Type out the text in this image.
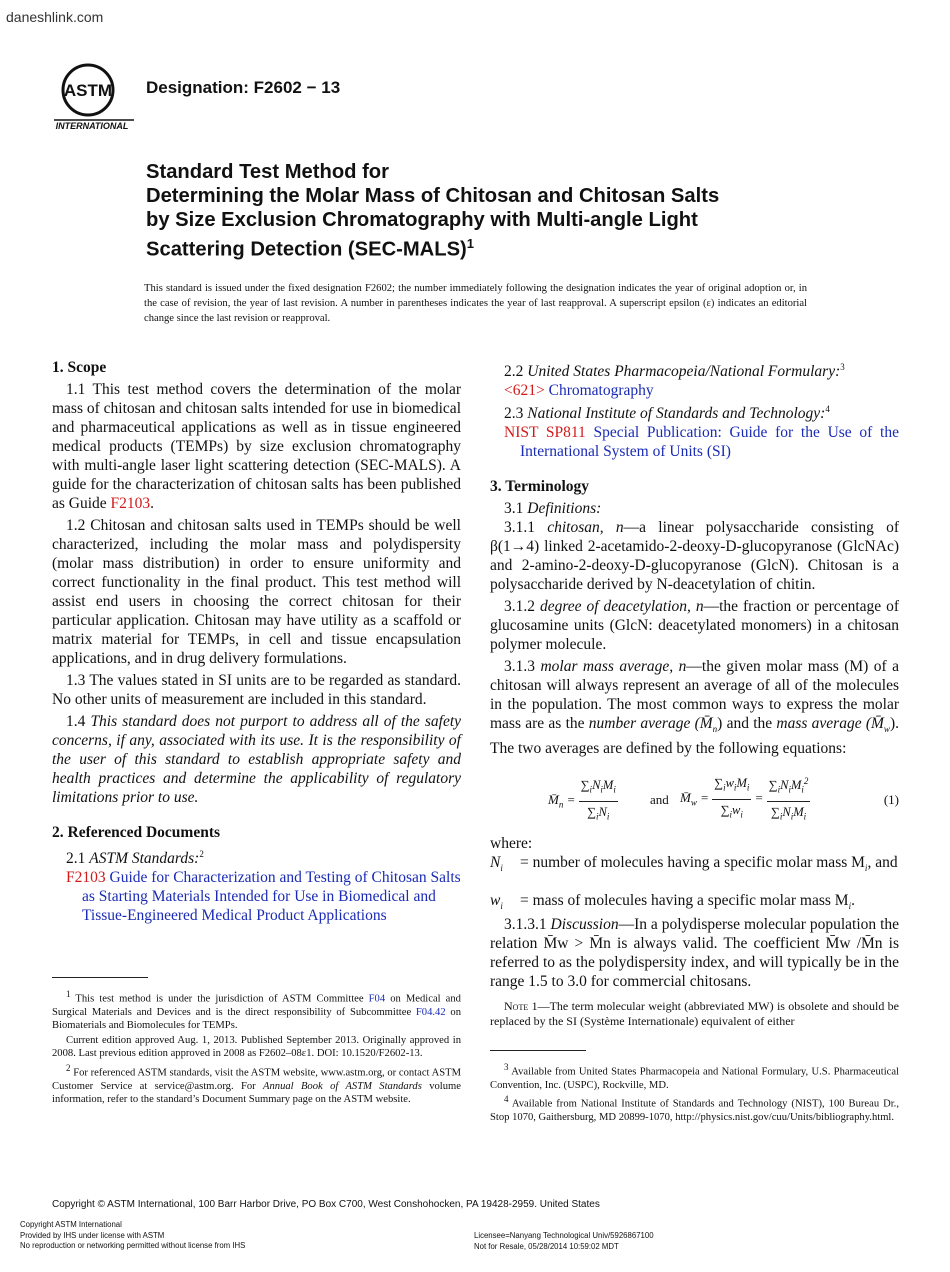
daneshlink.com
ASTM
INTERNATIONAL
Designation: F2602 − 13
Standard Test Method for
Determining the Molar Mass of Chitosan and Chitosan Salts
by Size Exclusion Chromatography with Multi-angle Light
Scattering Detection (SEC-MALS)$^1$
This standard is issued under the fixed designation F2602; the number immediately following the designation indicates the year of original adoption or, in the case of revision, the year of last revision. A number in parentheses indicates the year of last reapproval. A superscript epsilon (ε) indicates an editorial change since the last revision or reapproval.

1. Scope

1.1 This test method covers the determination of the molar mass of chitosan and chitosan salts intended for use in biomedical and pharmaceutical applications as well as in tissue engineered medical products (TEMPs) by size exclusion chromatography with multi-angle laser light scattering detection (SEC-MALS). A guide for the characterization of chitosan salts has been published as Guide F2103.

1.2 Chitosan and chitosan salts used in TEMPs should be well characterized, including the molar mass and polydispersity (molar mass distribution) in order to ensure uniformity and correct functionality in the final product. This test method will assist end users in choosing the correct chitosan for their particular application. Chitosan may have utility as a scaffold or matrix material for TEMPs, in cell and tissue encapsulation applications, and in drug delivery formulations.

1.3 The values stated in SI units are to be regarded as standard. No other units of measurement are included in this standard.

1.4 This standard does not purport to address all of the safety concerns, if any, associated with its use. It is the responsibility of the user of this standard to establish appropriate safety and health practices and determine the applicability of regulatory limitations prior to use.

2. Referenced Documents

2.1 ASTM Standards:$^2$

F2103 Guide for Characterization and Testing of Chitosan Salts as Starting Materials Intended for Use in Biomedical and Tissue-Engineered Medical Product Applications

$^1$ This test method is under the jurisdiction of ASTM Committee F04 on Medical and Surgical Materials and Devices and is the direct responsibility of Subcommittee F04.42 on Biomaterials and Biomolecules for TEMPs.

Current edition approved Aug. 1, 2013. Published September 2013. Originally approved in 2008. Last previous edition approved in 2008 as F2602–08ε1. DOI: 10.1520/F2602-13.

$^2$ For referenced ASTM standards, visit the ASTM website, www.astm.org, or contact ASTM Customer Service at service@astm.org. For Annual Book of ASTM Standards volume information, refer to the standard’s Document Summary page on the ASTM website.

2.2 United States Pharmacopeia/National Formulary:$^3$

<621> Chromatography

2.3 National Institute of Standards and Technology:$^4$

NIST SP811 Special Publication: Guide for the Use of the International System of Units (SI)

3. Terminology

3.1 Definitions:

3.1.1 chitosan, n—a linear polysaccharide consisting of β(1→4) linked 2-acetamido-2-deoxy-D-glucopyranose (GlcNAc) and 2-amino-2-deoxy-D-glucopyranose (GlcN). Chitosan is a polysaccharide derived by N-deacetylation of chitin.

3.1.2 degree of deacetylation, n—the fraction or percentage of glucosamine units (GlcN: deacetylated monomers) in a chitosan polymer molecule.

3.1.3 molar mass average, n—the given molar mass (M) of a chitosan will always represent an average of all of the molecules in the population. The most common ways to express the molar mass are as the number average $(M̄_n)$ and the mass average $(M̄_w)$. The two averages are defined by the following equations:

$M̄_n = \frac{\sum_iN_iM_i}{\sum_iN_i}$ and $M̄_w = \frac{\sum_iw_iM_i}{\sum_iw_i} = \frac{\sum_iN_iM_i^2}{\sum_iN_iM_i}$	(1)

where:

$N_i$ = number of molecules having a specific molar mass $M_i$, and
$w_i$ = mass of molecules having a specific molar mass $M_i$.

3.1.3.1 Discussion—In a polydisperse molecular population the relation M̄w > M̄n is always valid. The coefficient M̄w /M̄n is referred to as the polydispersity index, and will typically be in the range 1.5 to 3.0 for commercial chitosans.

Note 1—The term molecular weight (abbreviated MW) is obsolete and should be replaced by the SI (Système Internationale) equivalent of either

$^3$ Available from United States Pharmacopeia and National Formulary, U.S. Pharmaceutical Convention, Inc. (USPC), Rockville, MD.

$^4$ Available from National Institute of Standards and Technology (NIST), 100 Bureau Dr., Stop 1070, Gaithersburg, MD 20899-1070, http://physics.nist.gov/cuu/Units/bibliography.html.

Copyright © ASTM International, 100 Barr Harbor Drive, PO Box C700, West Conshohocken, PA 19428-2959. United States
Copyright ASTM International
Provided by IHS under license with ASTM
No reproduction or networking permitted without license from IHS
Licensee=Nanyang Technological Univ/5926867100
Not for Resale, 05/28/2014 10:59:02 MDT
